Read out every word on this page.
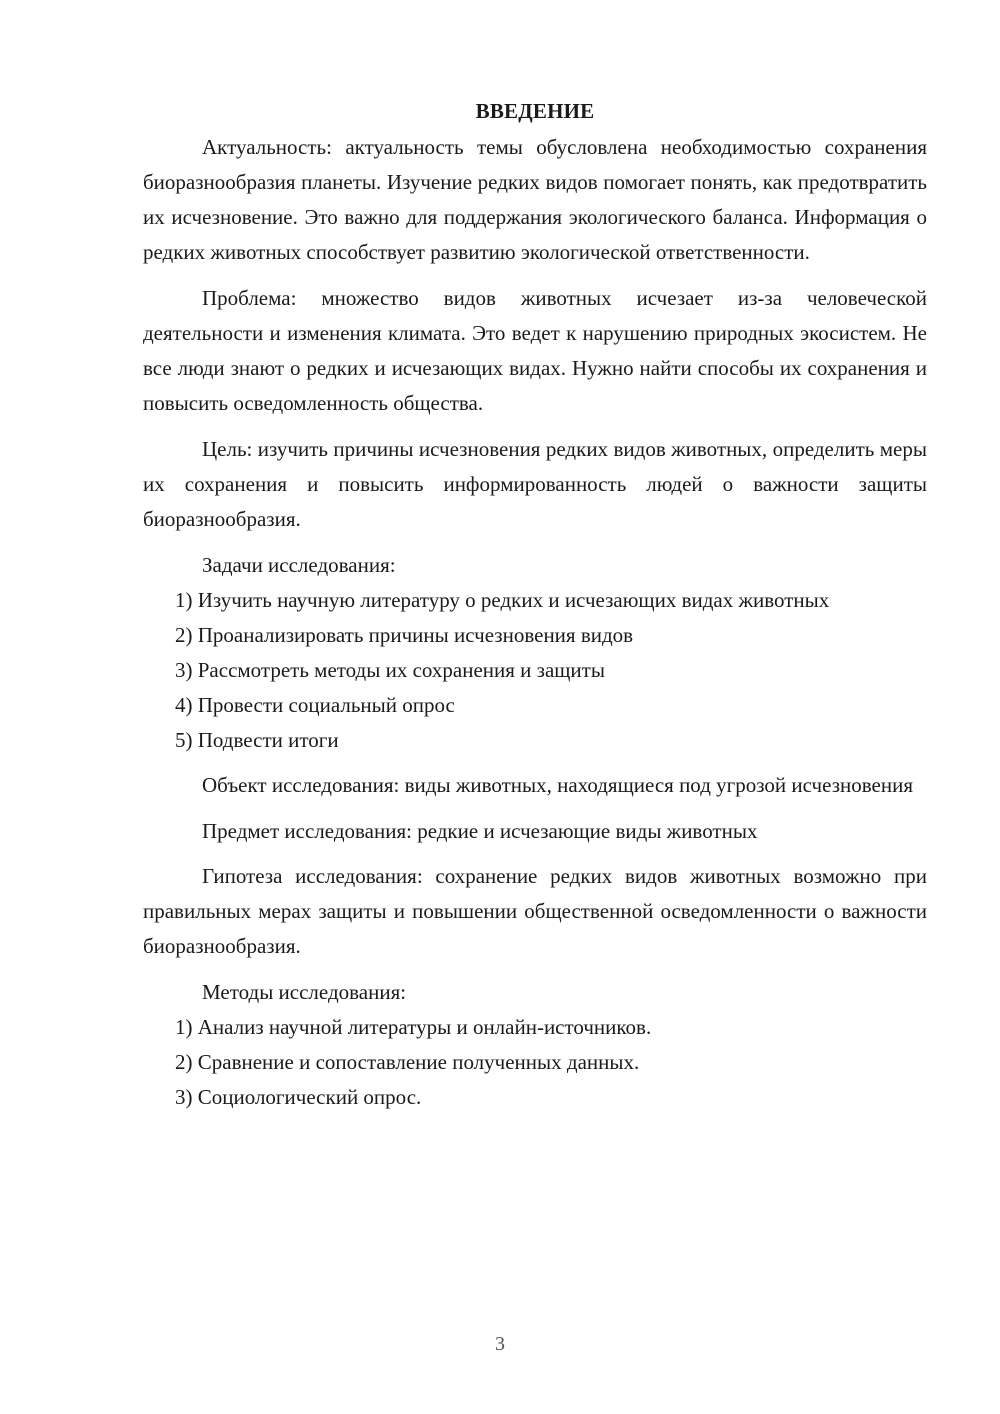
ВВЕДЕНИЕ

Актуальность: актуальность темы обусловлена необходимостью сохранения биоразнообразия планеты. Изучение редких видов помогает понять, как предотвратить их исчезновение. Это важно для поддержания экологического баланса. Информация о редких животных способствует развитию экологической ответственности.

Проблема: множество видов животных исчезает из-за человеческой деятельности и изменения климата. Это ведет к нарушению природных экосистем. Не все люди знают о редких и исчезающих видах. Нужно найти способы их сохранения и повысить осведомленность общества.

Цель: изучить причины исчезновения редких видов животных, определить меры их сохранения и повысить информированность людей о важности защиты биоразнообразия.

Задачи исследования:

1) Изучить научную литературу о редких и исчезающих видах животных

2) Проанализировать причины исчезновения видов

3) Рассмотреть методы их сохранения и защиты

4) Провести социальный опрос

5) Подвести итоги

Объект исследования: виды животных, находящиеся под угрозой исчезновения

Предмет исследования: редкие и исчезающие виды животных

Гипотеза исследования: сохранение редких видов животных возможно при правильных мерах защиты и повышении общественной осведомленности о важности биоразнообразия.

Методы исследования:

1) Анализ научной литературы и онлайн-источников.

2) Сравнение и сопоставление полученных данных.

3) Социологический опрос.

3
